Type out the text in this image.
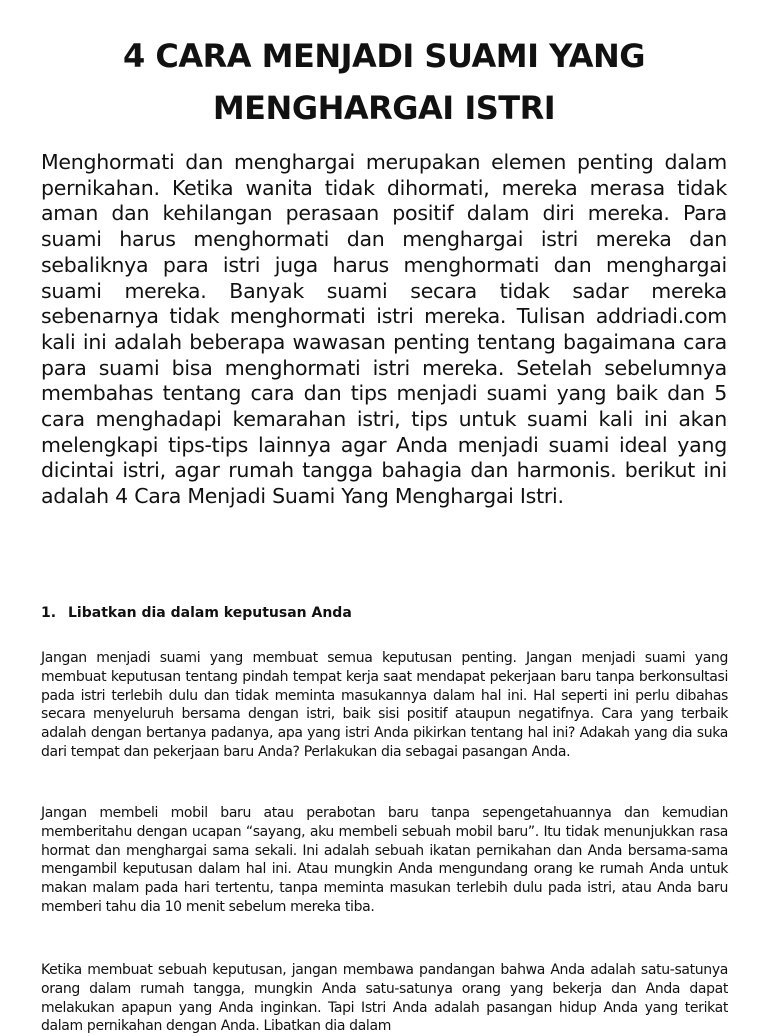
4 CARA MENJADI SUAMI YANG
MENGHARGAI ISTRI

Menghormati dan menghargai merupakan elemen penting dalam pernikahan. Ketika wanita tidak dihormati, mereka merasa tidak aman dan kehilangan perasaan positif dalam diri mereka. Para suami harus menghormati dan menghargai istri mereka dan sebaliknya para istri juga harus menghormati dan menghargai suami mereka. Banyak suami secara tidak sadar mereka sebenarnya tidak menghormati istri mereka. Tulisan addriadi.com kali ini adalah beberapa wawasan penting tentang bagaimana cara para suami bisa menghormati istri mereka. Setelah sebelumnya membahas tentang cara dan tips menjadi suami yang baik dan 5 cara menghadapi kemarahan istri, tips untuk suami kali ini akan melengkapi tips-tips lainnya agar Anda menjadi suami ideal yang dicintai istri, agar rumah tangga bahagia dan harmonis. berikut ini adalah 4 Cara Menjadi Suami Yang Menghargai Istri.

1. Libatkan dia dalam keputusan Anda

Jangan menjadi suami yang membuat semua keputusan penting. Jangan menjadi suami yang membuat keputusan tentang pindah tempat kerja saat mendapat pekerjaan baru tanpa berkonsultasi pada istri terlebih dulu dan tidak meminta masukannya dalam hal ini. Hal seperti ini perlu dibahas secara menyeluruh bersama dengan istri, baik sisi positif ataupun negatifnya. Cara yang terbaik adalah dengan bertanya padanya, apa yang istri Anda pikirkan tentang hal ini? Adakah yang dia suka dari tempat dan pekerjaan baru Anda? Perlakukan dia sebagai pasangan Anda.

Jangan membeli mobil baru atau perabotan baru tanpa sepengetahuannya dan kemudian memberitahu dengan ucapan “sayang, aku membeli sebuah mobil baru”. Itu tidak menunjukkan rasa hormat dan menghargai sama sekali. Ini adalah sebuah ikatan pernikahan dan Anda bersama-sama mengambil keputusan dalam hal ini. Atau mungkin Anda mengundang orang ke rumah Anda untuk makan malam pada hari tertentu, tanpa meminta masukan terlebih dulu pada istri, atau Anda baru memberi tahu dia 10 menit sebelum mereka tiba.

Ketika membuat sebuah keputusan, jangan membawa pandangan bahwa Anda adalah satu-satunya orang dalam rumah tangga, mungkin Anda satu-satunya orang yang bekerja dan Anda dapat melakukan apapun yang Anda inginkan. Tapi Istri Anda adalah pasangan hidup Anda yang terikat dalam pernikahan dengan Anda. Libatkan dia dalam
